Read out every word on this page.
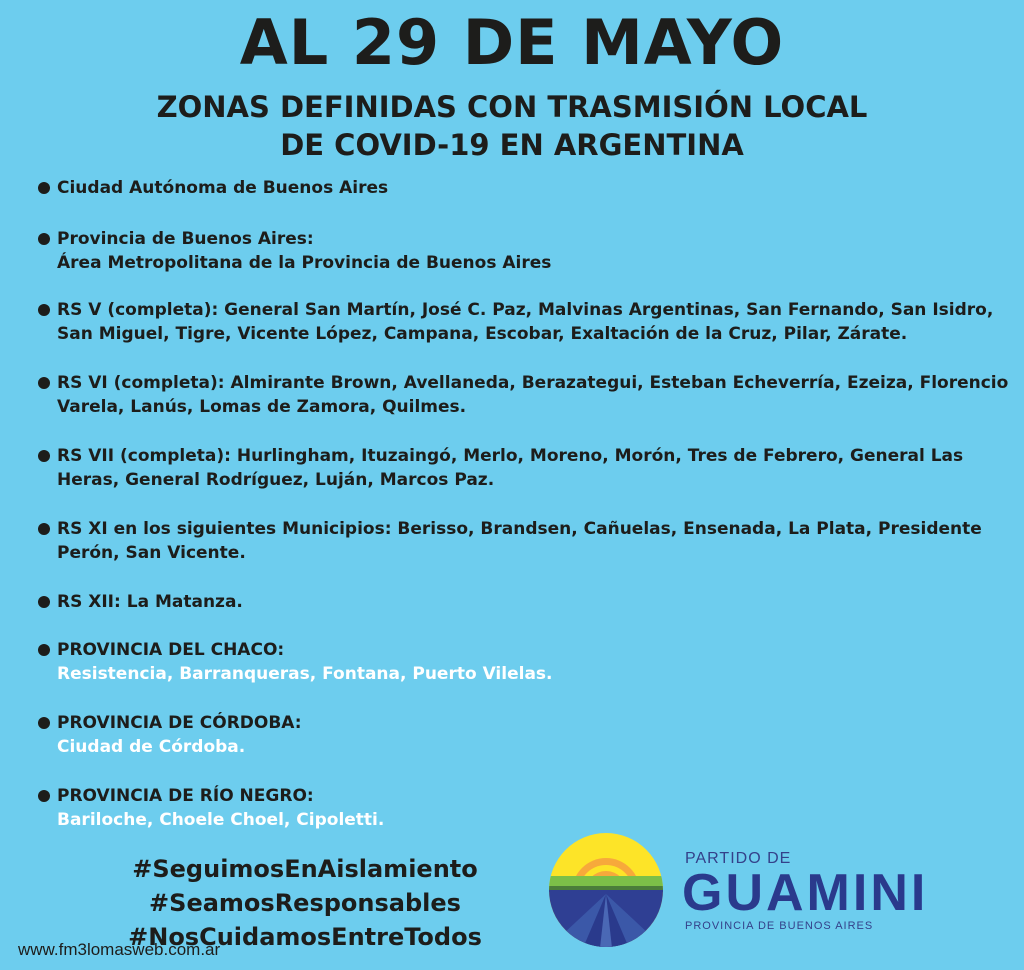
AL 29 DE MAYO
ZONAS DEFINIDAS CON TRASMISIÓN LOCAL
DE COVID-19 EN ARGENTINA
Ciudad Autónoma de Buenos Aires
Provincia de Buenos Aires:
Área Metropolitana de la Provincia de Buenos Aires
RS V (completa): General San Martín, José C. Paz, Malvinas Argentinas, San Fernando, San Isidro, San Miguel, Tigre, Vicente López, Campana, Escobar, Exaltación de la Cruz, Pilar, Zárate.
RS VI (completa): Almirante Brown, Avellaneda, Berazategui, Esteban Echeverría, Ezeiza, Florencio Varela, Lanús, Lomas de Zamora, Quilmes.
RS VII (completa): Hurlingham, Ituzaingó, Merlo, Moreno, Morón, Tres de Febrero, General Las Heras, General Rodríguez, Luján, Marcos Paz.
RS XI en los siguientes Municipios: Berisso, Brandsen, Cañuelas, Ensenada, La Plata, Presidente Perón, San Vicente.
RS XII: La Matanza.
PROVINCIA DEL CHACO:
Resistencia, Barranqueras, Fontana, Puerto Vilelas.
PROVINCIA DE CÓRDOBA:
Ciudad de Córdoba.
PROVINCIA DE RÍO NEGRO:
Bariloche, Choele Choel, Cipoletti.
#SeguimosEnAislamiento
#SeamosResponsables
#NosCuidamosEntreTodos
www.fm3lomasweb.com.ar
PARTIDO DE
GUAMINI
PROVINCIA DE BUENOS AIRES
